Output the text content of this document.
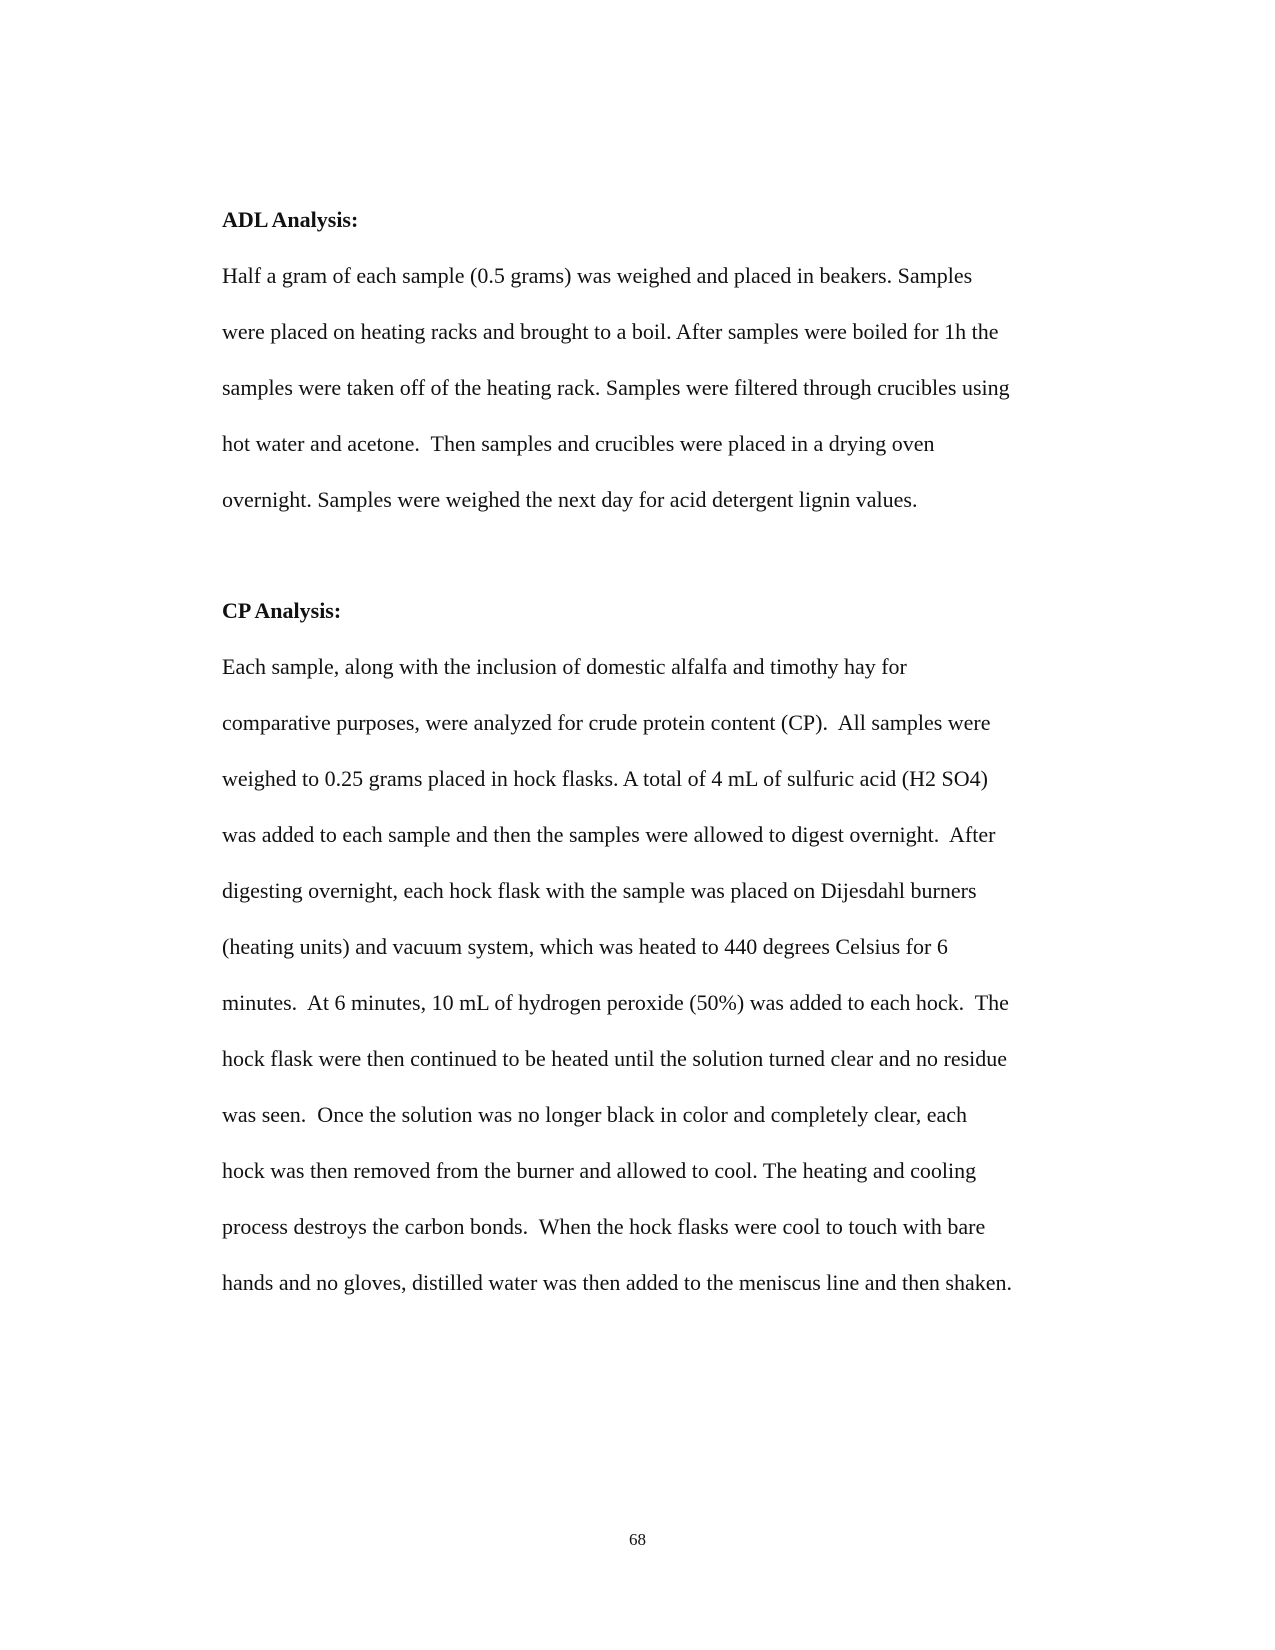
ADL Analysis:
Half a gram of each sample (0.5 grams) was weighed and placed in beakers. Samples
were placed on heating racks and brought to a boil. After samples were boiled for 1h the
samples were taken off of the heating rack. Samples were filtered through crucibles using
hot water and acetone.  Then samples and crucibles were placed in a drying oven
overnight. Samples were weighed the next day for acid detergent lignin values.
CP Analysis:
Each sample, along with the inclusion of domestic alfalfa and timothy hay for
comparative purposes, were analyzed for crude protein content (CP).  All samples were
weighed to 0.25 grams placed in hock flasks. A total of 4 mL of sulfuric acid (H2 SO4)
was added to each sample and then the samples were allowed to digest overnight.  After
digesting overnight, each hock flask with the sample was placed on Dijesdahl burners
(heating units) and vacuum system, which was heated to 440 degrees Celsius for 6
minutes.  At 6 minutes, 10 mL of hydrogen peroxide (50%) was added to each hock.  The
hock flask were then continued to be heated until the solution turned clear and no residue
was seen.  Once the solution was no longer black in color and completely clear, each
hock was then removed from the burner and allowed to cool. The heating and cooling
process destroys the carbon bonds.  When the hock flasks were cool to touch with bare
hands and no gloves, distilled water was then added to the meniscus line and then shaken.
68
